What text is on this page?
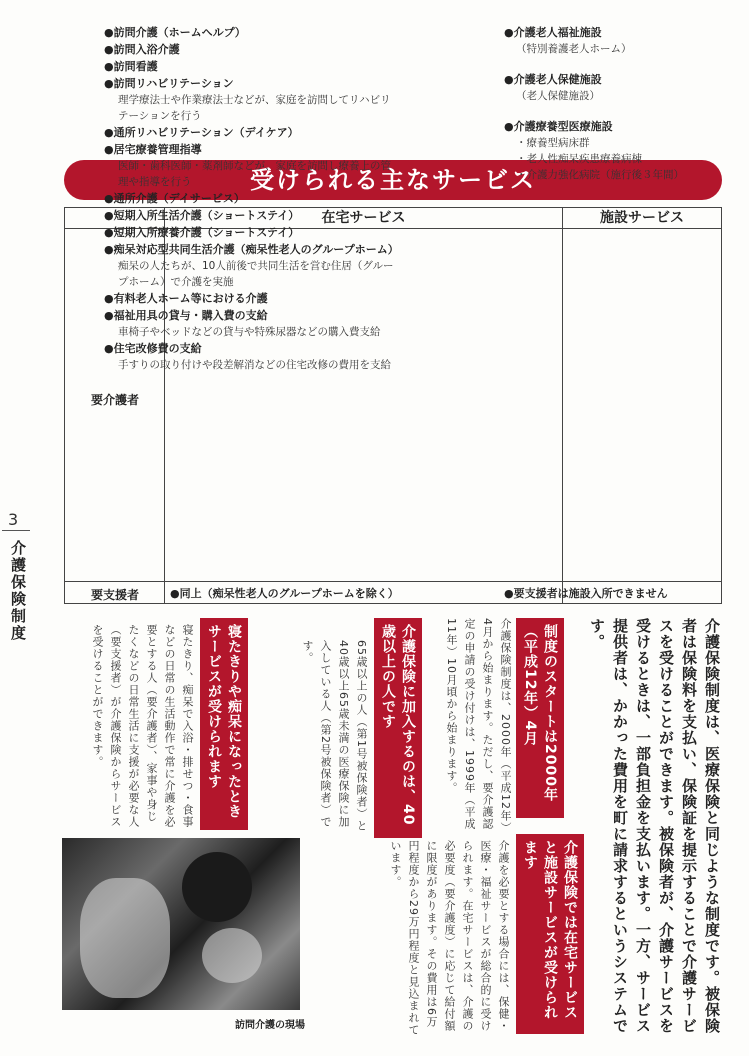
受けられる主なサービス
在宅サービス	施設サービス
要介護者
要支援者
●訪問介護（ホームヘルプ）
●訪問入浴介護
●訪問看護
●訪問リハビリテーション
理学療法士や作業療法士などが、家庭を訪問してリハビリ
テーションを行う
●通所リハビリテーション（デイケア）
●居宅療養管理指導
医師・歯科医師・薬剤師などが、家庭を訪問し療養上の管
理や指導を行う
●通所介護（デイサービス）
●短期入所生活介護（ショートステイ）
●短期入所療養介護（ショートステイ）
●痴呆対応型共同生活介護（痴呆性老人のグループホーム）
痴呆の人たちが、10人前後で共同生活を営む住居（グルー
プホーム）で介護を実施
●有料老人ホーム等における介護
●福祉用具の貸与・購入費の支給
車椅子やベッドなどの貸与や特殊尿器などの購入費支給
●住宅改修費の支給
手すりの取り付けや段差解消などの住宅改修の費用を支給
●介護老人福祉施設
（特別養護老人ホーム）
●介護老人保健施設
（老人保健施設）
●介護療養型医療施設
・療養型病床群
・老人性痴呆疾患療養病棟
・介護力強化病院（施行後３年間）
●同上（痴呆性老人のグループホームを除く）	●要支援者は施設入所できません
3
介護保険制度
介護保険制度は、医療保険と同じような制度です。被保険者は保険料を支払い、保険証を提示することで介護サービスを受けることができます。被保険者が、介護サービスを受けるときは、一部負担金を支払います。一方、サービス提供者は、かかった費用を町に請求するというシステムです。
制度のスタートは2000年（平成12年）4月
介護保険制度は、2000年（平成12年）4月から始まります。ただし、要介護認定の申請の受け付けは、1999年（平成11年）10月頃から始まります。
介護保険に加入するのは、40歳以上の人です
65歳以上の人（第1号被保険者）と40歳以上65歳未満の医療保険に加入している人（第2号被保険者）です。
寝たきりや痴呆になったときサービスが受けられます
寝たきり、痴呆で入浴・排せつ・食事などの日常の生活動作で常に介護を必要とする人（要介護者）、家事や身じたくなどの日常生活に支援が必要な人（要支援者）が介護保険からサービスを受けることができます。
介護保険では在宅サービスと施設サービスが受けられます
介護を必要とする場合には、保健・医療・福祉サービスが総合的に受けられます。在宅サービスは、介護の必要度（要介護度）に応じて給付額に限度があります。その費用は6万円程度から29万円程度と見込まれています。
訪問介護の現場
